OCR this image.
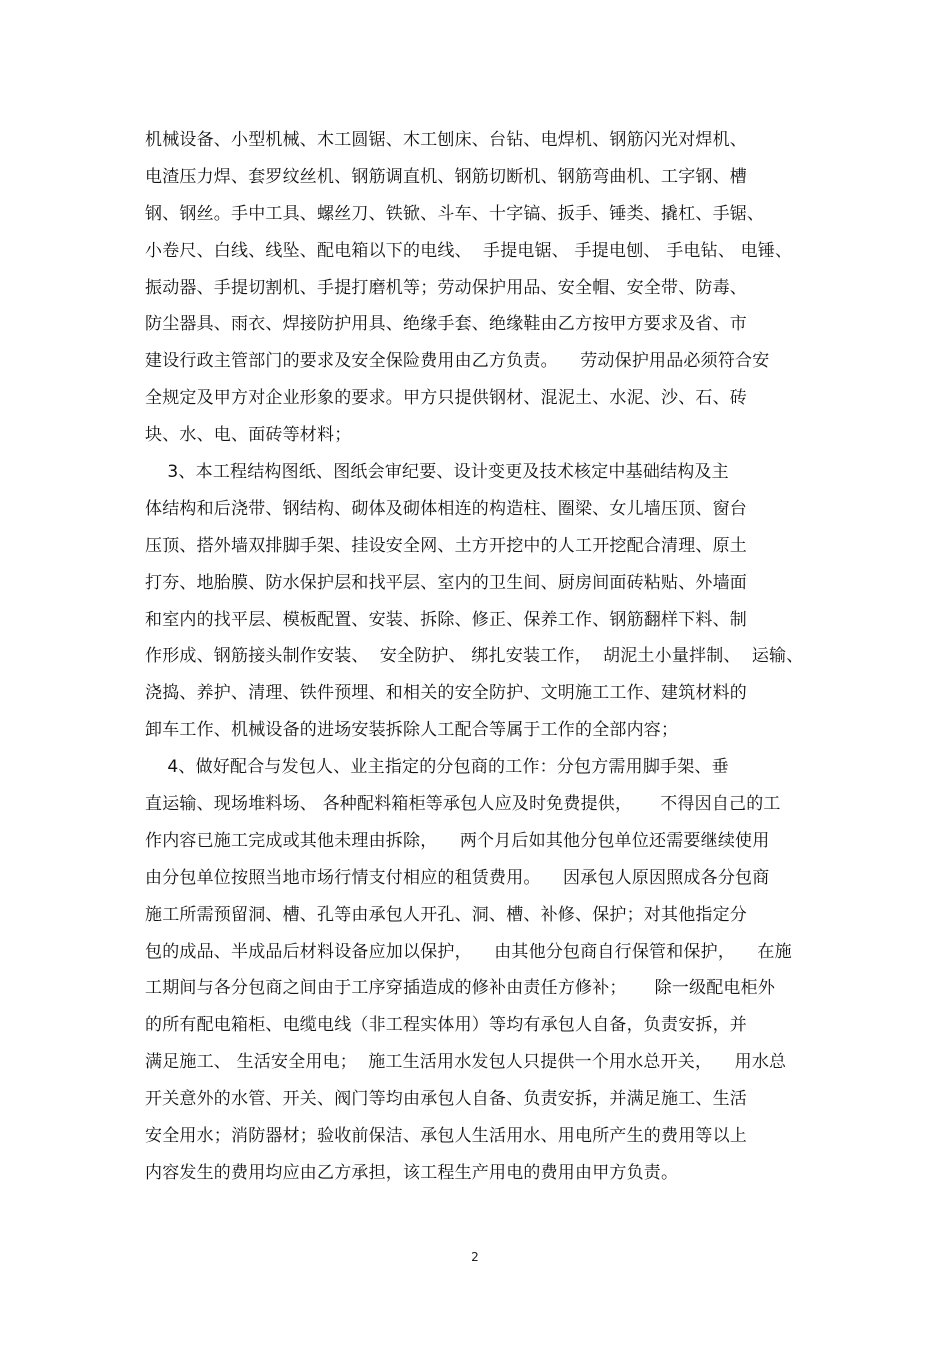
机械设备、小型机械、木工圆锯、木工刨床、台钻、电焊机、钢筋闪光对焊机、
电渣压力焊、套罗纹丝机、钢筋调直机、钢筋切断机、钢筋弯曲机、工字钢、槽
钢、钢丝。手中工具、螺丝刀、铁锨、斗车、十字镐、扳手、锤类、撬杠、手锯、
小卷尺、白线、线坠、配电箱以下的电线、  手提电锯、 手提电刨、 手电钻、 电锤、
振动器、手提切割机、手提打磨机等；劳动保护用品、安全帽、安全带、防毒、
防尘器具、雨衣、焊接防护用具、绝缘手套、绝缘鞋由乙方按甲方要求及省、市
建设行政主管部门的要求及安全保险费用由乙方负责。    劳动保护用品必须符合安
全规定及甲方对企业形象的要求。甲方只提供钢材、混泥土、水泥、沙、石、砖
块、水、电、面砖等材料；
3、本工程结构图纸、图纸会审纪要、设计变更及技术核定中基础结构及主
体结构和后浇带、钢结构、砌体及砌体相连的构造柱、圈梁、女儿墙压顶、窗台
压顶、搭外墙双排脚手架、挂设安全网、土方开挖中的人工开挖配合清理、原土
打夯、地胎膜、防水保护层和找平层、室内的卫生间、厨房间面砖粘贴、外墙面
和室内的找平层、模板配置、安装、拆除、修正、保养工作、钢筋翻样下料、制
作形成、钢筋接头制作安装、  安全防护、 绑扎安装工作，  胡泥土小量拌制、  运输、
浇捣、养护、清理、铁件预埋、和相关的安全防护、文明施工工作、建筑材料的
卸车工作、机械设备的进场安装拆除人工配合等属于工作的全部内容；
4、做好配合与发包人、业主指定的分包商的工作：分包方需用脚手架、垂
直运输、现场堆料场、 各种配料箱柜等承包人应及时免费提供，     不得因自己的工
作内容已施工完成或其他未理由拆除，    两个月后如其他分包单位还需要继续使用
由分包单位按照当地市场行情支付相应的租赁费用。    因承包人原因照成各分包商
施工所需预留洞、槽、孔等由承包人开孔、洞、槽、补修、保护；对其他指定分
包的成品、半成品后材料设备应加以保护，    由其他分包商自行保管和保护，    在施
工期间与各分包商之间由于工序穿插造成的修补由责任方修补；     除一级配电柜外
的所有配电箱柜、电缆电线（非工程实体用）等均有承包人自备，负责安拆，并
满足施工、 生活安全用电；  施工生活用水发包人只提供一个用水总开关，    用水总
开关意外的水管、开关、阀门等均由承包人自备、负责安拆，并满足施工、生活
安全用水；消防器材；验收前保洁、承包人生活用水、用电所产生的费用等以上
内容发生的费用均应由乙方承担，该工程生产用电的费用由甲方负责。
2
